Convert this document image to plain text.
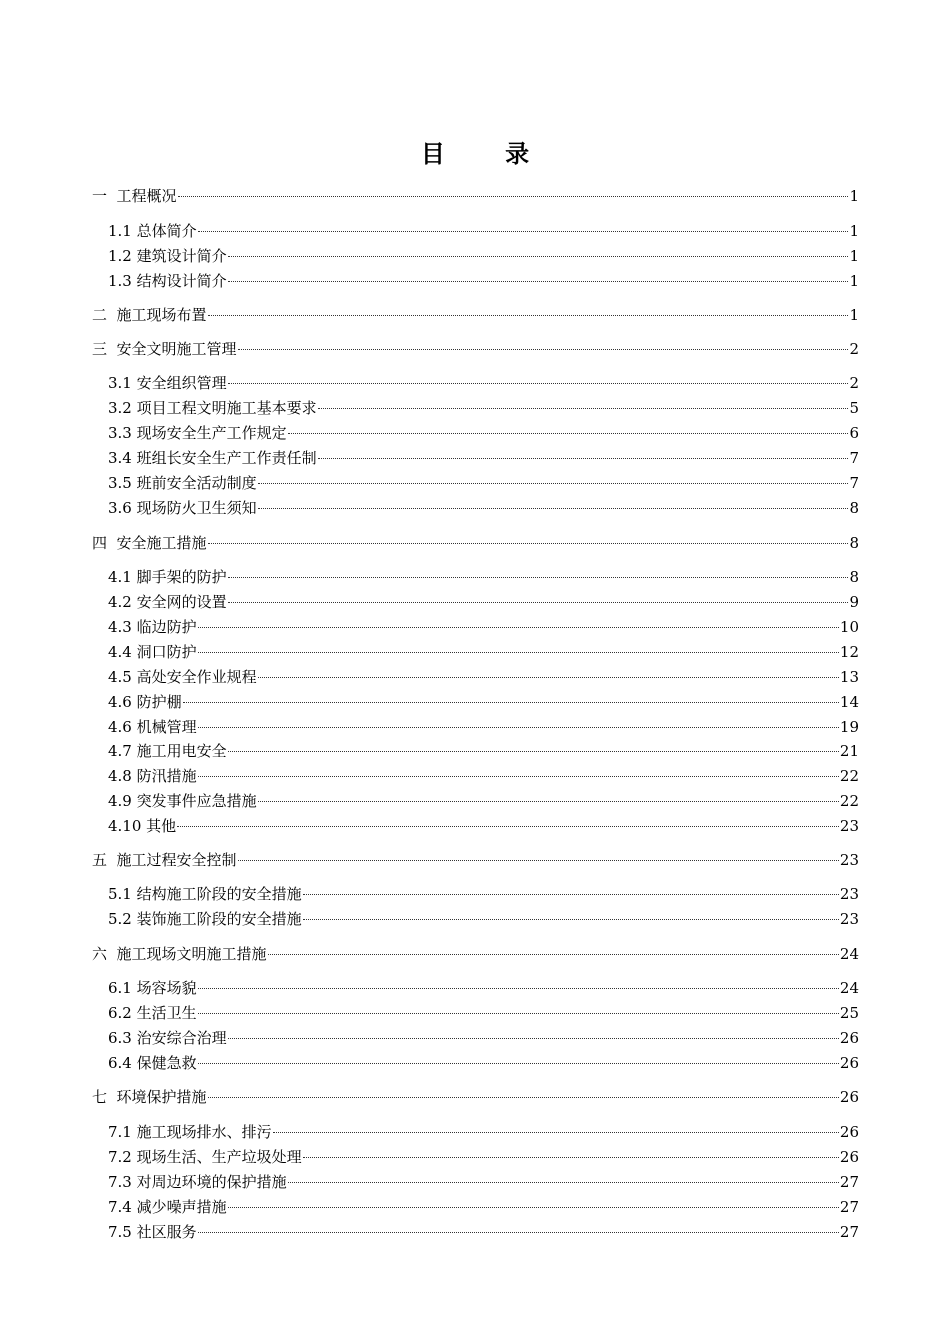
目 录
一  工程概况	1
1.1 总体简介	1
1.2 建筑设计简介	1
1.3 结构设计简介	1
二  施工现场布置	1
三  安全文明施工管理	2
3.1 安全组织管理	2
3.2 项目工程文明施工基本要求	5
3.3 现场安全生产工作规定	6
3.4 班组长安全生产工作责任制	7
3.5 班前安全活动制度	7
3.6 现场防火卫生须知	8
四  安全施工措施	8
4.1 脚手架的防护	8
4.2 安全网的设置	9
4.3 临边防护	10
4.4 洞口防护	12
4.5 高处安全作业规程	13
4.6 防护棚	14
4.6 机械管理	19
4.7 施工用电安全	21
4.8 防汛措施	22
4.9 突发事件应急措施	22
4.10 其他	23
五  施工过程安全控制	23
5.1 结构施工阶段的安全措施	23
5.2 装饰施工阶段的安全措施	23
六  施工现场文明施工措施	24
6.1 场容场貌	24
6.2 生活卫生	25
6.3 治安综合治理	26
6.4 保健急救	26
七  环境保护措施	26
7.1 施工现场排水、排污	26
7.2 现场生活、生产垃圾处理	26
7.3 对周边环境的保护措施	27
7.4 减少噪声措施	27
7.5 社区服务	27
